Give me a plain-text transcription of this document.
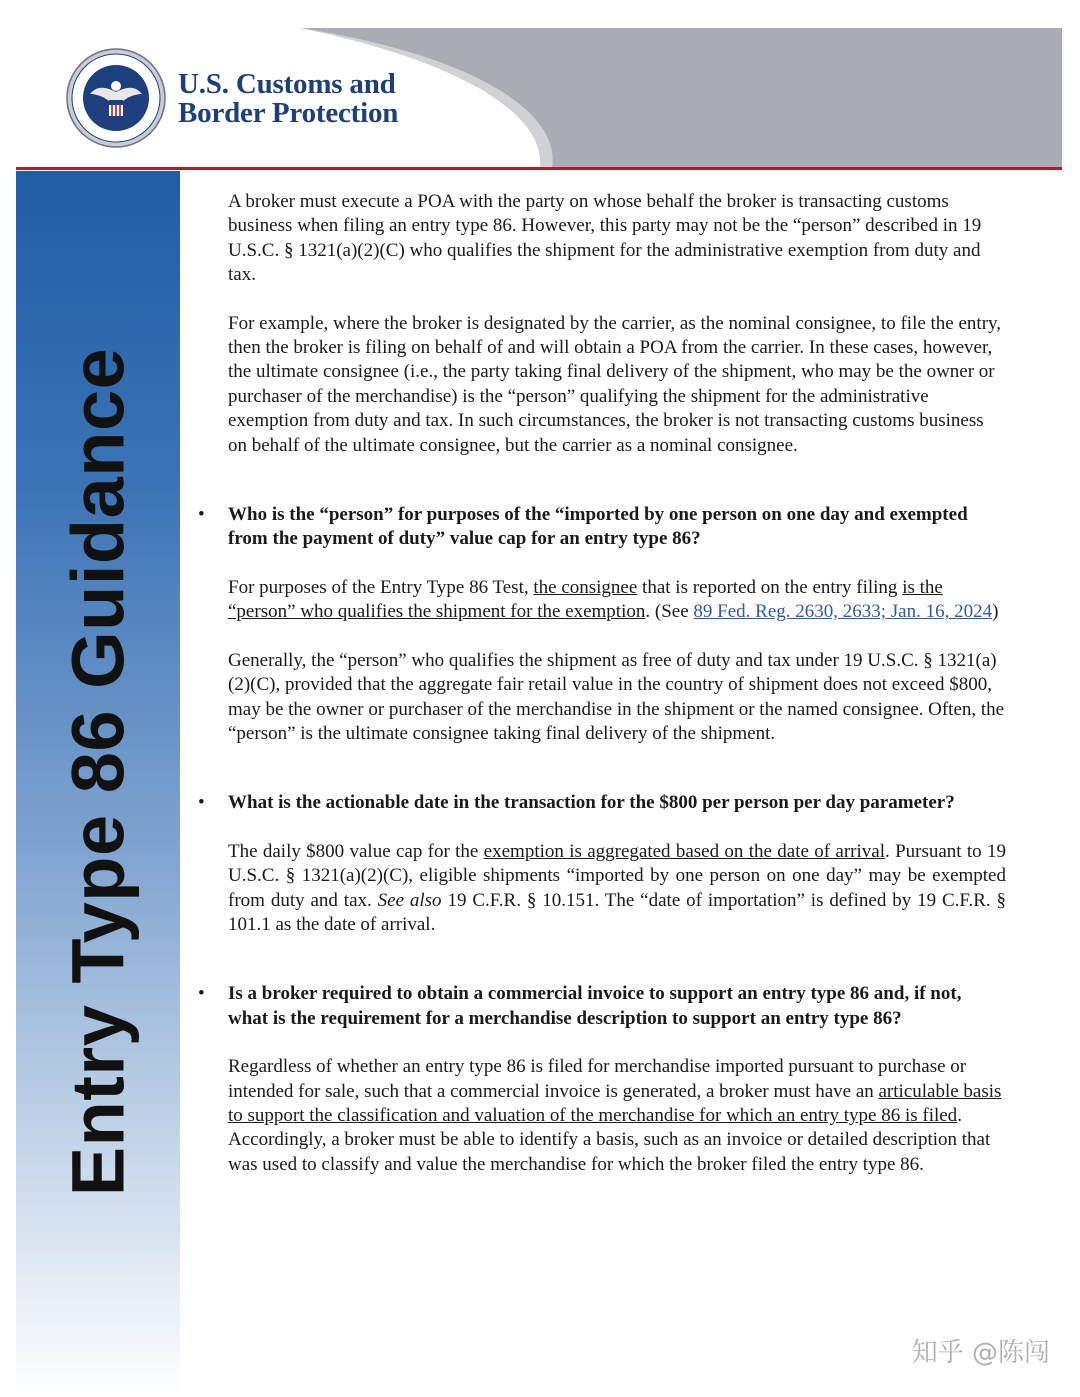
U.S. Customs and
Border Protection
Entry Type 86 Guidance

A broker must execute a POA with the party on whose behalf the broker is transacting customs business when filing an entry type 86. However, this party may not be the “person” described in 19 U.S.C. § 1321(a)(2)(C) who qualifies the shipment for the administrative exemption from duty and tax.

For example, where the broker is designated by the carrier, as the nominal consignee, to file the entry, then the broker is filing on behalf of and will obtain a POA from the carrier. In these cases, however, the ultimate consignee (i.e., the party taking final delivery of the shipment, who may be the owner or purchaser of the merchandise) is the “person” qualifying the shipment for the administrative exemption from duty and tax. In such circumstances, the broker is not transacting customs business on behalf of the ultimate consignee, but the carrier as a nominal consignee.

• Who is the “person” for purposes of the “imported by one person on one day and exempted from the payment of duty” value cap for an entry type 86?

For purposes of the Entry Type 86 Test, the consignee that is reported on the entry filing is the “person” who qualifies the shipment for the exemption. (See 89 Fed. Reg. 2630, 2633; Jan. 16, 2024)

Generally, the “person” who qualifies the shipment as free of duty and tax under 19 U.S.C. § 1321(a)(2)(C), provided that the aggregate fair retail value in the country of shipment does not exceed $800, may be the owner or purchaser of the merchandise in the shipment or the named consignee. Often, the “person” is the ultimate consignee taking final delivery of the shipment.

• What is the actionable date in the transaction for the $800 per person per day parameter?

The daily $800 value cap for the exemption is aggregated based on the date of arrival. Pursuant to 19 U.S.C. § 1321(a)(2)(C), eligible shipments “imported by one person on one day” may be exempted from duty and tax. See also 19 C.F.R. § 10.151. The “date of importation” is defined by 19 C.F.R. § 101.1 as the date of arrival.

• Is a broker required to obtain a commercial invoice to support an entry type 86 and, if not, what is the requirement for a merchandise description to support an entry type 86?

Regardless of whether an entry type 86 is filed for merchandise imported pursuant to purchase or intended for sale, such that a commercial invoice is generated, a broker must have an articulable basis to support the classification and valuation of the merchandise for which an entry type 86 is filed. Accordingly, a broker must be able to identify a basis, such as an invoice or detailed description that was used to classify and value the merchandise for which the broker filed the entry type 86.

知乎 @陈闯
